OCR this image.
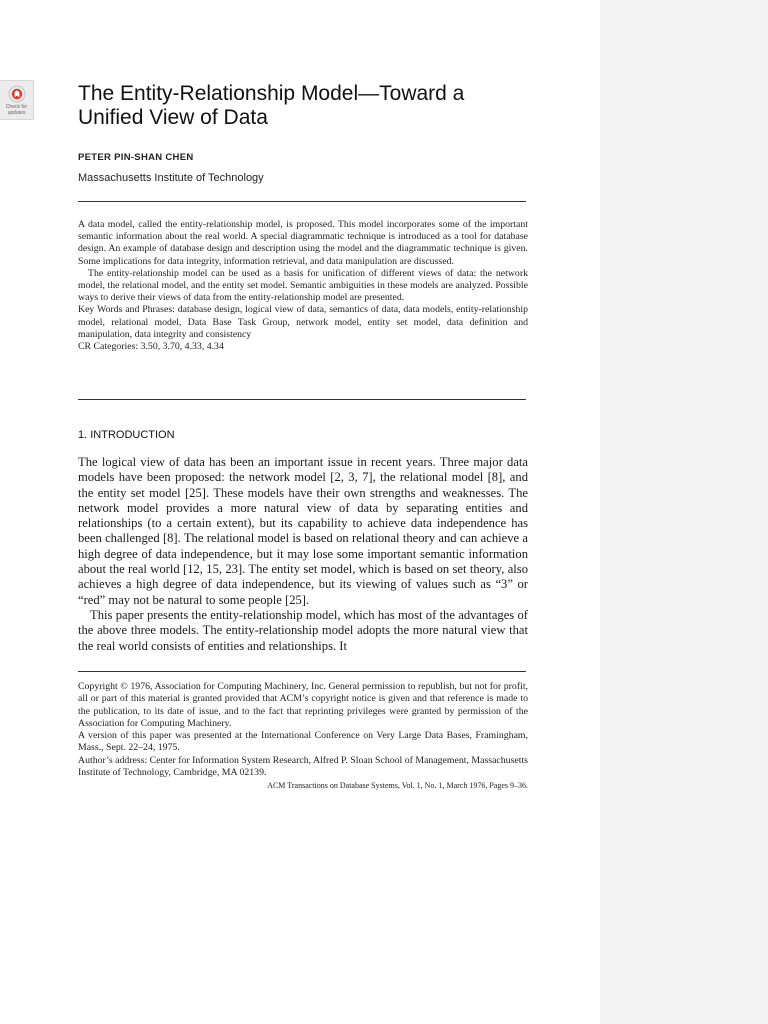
Check for updates
The Entity-Relationship Model—Toward a
Unified View of Data
PETER PIN-SHAN CHEN
Massachusetts Institute of Technology

A data model, called the entity-relationship model, is proposed. This model incorporates some of the important semantic information about the real world. A special diagrammatic technique is introduced as a tool for database design. An example of database design and description using the model and the diagrammatic technique is given. Some implications for data integrity, information retrieval, and data manipulation are discussed.

The entity-relationship model can be used as a basis for unification of different views of data: the network model, the relational model, and the entity set model. Semantic ambiguities in these models are analyzed. Possible ways to derive their views of data from the entity-relationship model are presented.

Key Words and Phrases: database design, logical view of data, semantics of data, data models, entity-relationship model, relational model, Data Base Task Group, network model, entity set model, data definition and manipulation, data integrity and consistency

CR Categories: 3.50, 3.70, 4.33, 4.34

1. INTRODUCTION

The logical view of data has been an important issue in recent years. Three major data models have been proposed: the network model [2, 3, 7], the relational model [8], and the entity set model [25]. These models have their own strengths and weaknesses. The network model provides a more natural view of data by separating entities and relationships (to a certain extent), but its capability to achieve data independence has been challenged [8]. The relational model is based on relational theory and can achieve a high degree of data independence, but it may lose some important semantic information about the real world [12, 15, 23]. The entity set model, which is based on set theory, also achieves a high degree of data independence, but its viewing of values such as “3” or “red” may not be natural to some people [25].

This paper presents the entity-relationship model, which has most of the advantages of the above three models. The entity-relationship model adopts the more natural view that the real world consists of entities and relationships. It

Copyright © 1976, Association for Computing Machinery, Inc. General permission to republish, but not for profit, all or part of this material is granted provided that ACM’s copyright notice is given and that reference is made to the publication, to its date of issue, and to the fact that reprinting privileges were granted by permission of the Association for Computing Machinery.

A version of this paper was presented at the International Conference on Very Large Data Bases, Framingham, Mass., Sept. 22–24, 1975.

Author’s address: Center for Information System Research, Alfred P. Sloan School of Management, Massachusetts Institute of Technology, Cambridge, MA 02139.

ACM Transactions on Database Systems, Vol. 1, No. 1, March 1976, Pages 9–36.
